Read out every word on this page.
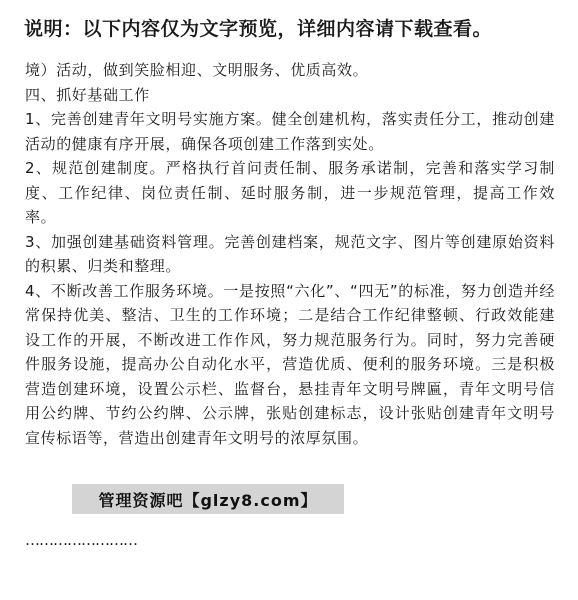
说明：以下内容仅为文字预览，详细内容请下载查看。

境）活动，做到笑脸相迎、文明服务、优质高效。

四、抓好基础工作

1、完善创建青年文明号实施方案。健全创建机构，落实责任分工，推动创建活动的健康有序开展，确保各项创建工作落到实处。

2、规范创建制度。严格执行首问责任制、服务承诺制，完善和落实学习制度、工作纪律、岗位责任制、延时服务制，进一步规范管理，提高工作效率。

3、加强创建基础资料管理。完善创建档案，规范文字、图片等创建原始资料的积累、归类和整理。

4、不断改善工作服务环境。一是按照“六化”、“四无”的标准，努力创造并经常保持优美、整洁、卫生的工作环境；二是结合工作纪律整顿、行政效能建设工作的开展，不断改进工作作风，努力规范服务行为。同时，努力完善硬件服务设施，提高办公自动化水平，营造优质、便利的服务环境。三是积极营造创建环境，设置公示栏、监督台，悬挂青年文明号牌匾，青年文明号信用公约牌、节约公约牌、公示牌，张贴创建标志，设计张贴创建青年文明号宣传标语等，营造出创建青年文明号的浓厚氛围。

……………………
管理资源吧【glzy8.com】
